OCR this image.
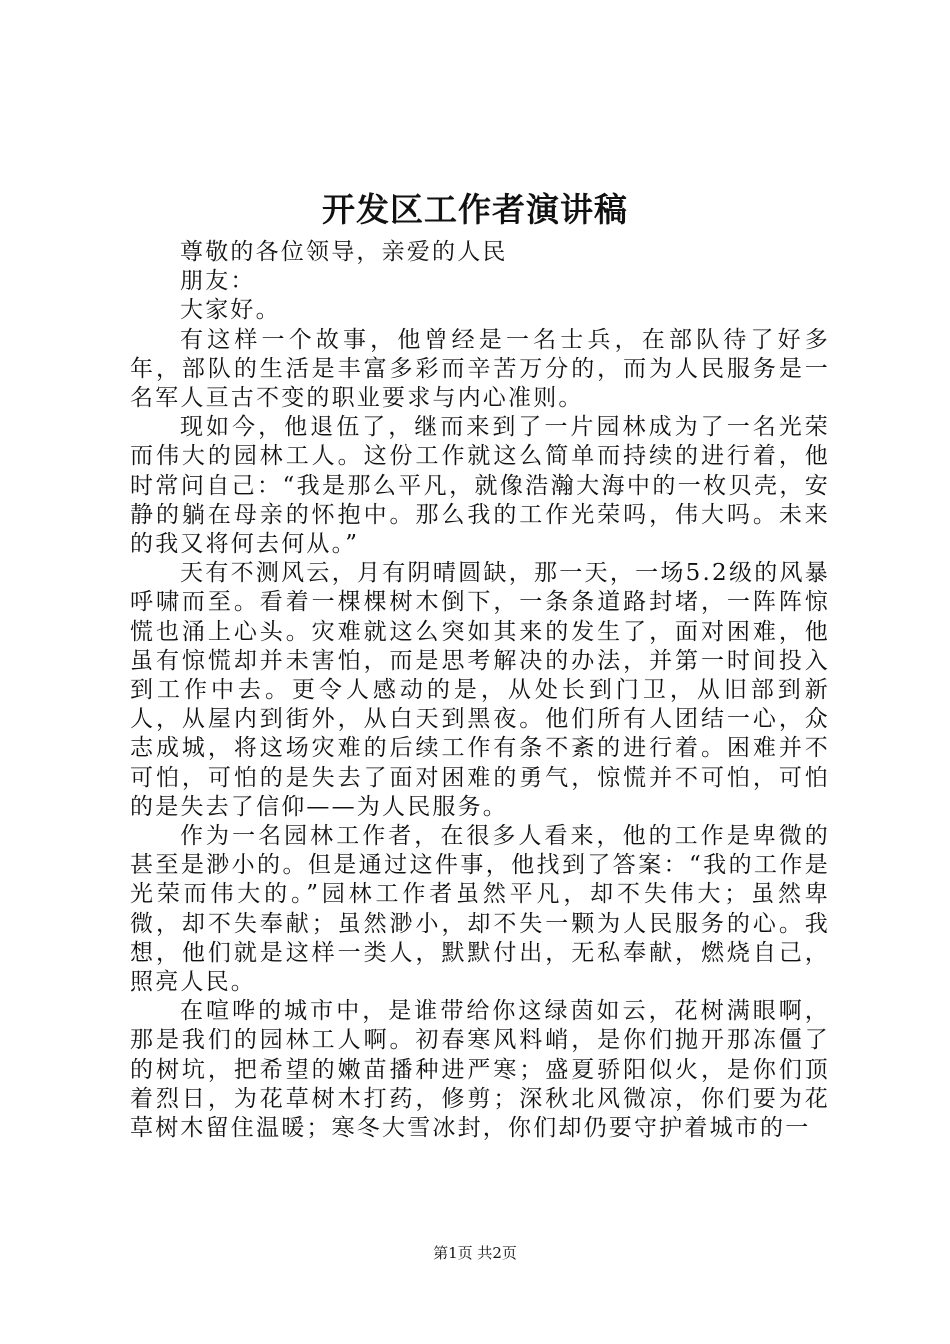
开发区工作者演讲稿

尊敬的各位领导，亲爱的人民

朋友：

大家好。

有这样一个故事，他曾经是一名士兵，在部队待了好多年，部队的生活是丰富多彩而辛苦万分的，而为人民服务是一名军人亘古不变的职业要求与内心准则。

现如今，他退伍了，继而来到了一片园林成为了一名光荣而伟大的园林工人。这份工作就这么简单而持续的进行着，他时常问自己：“我是那么平凡，就像浩瀚大海中的一枚贝壳，安静的躺在母亲的怀抱中。那么我的工作光荣吗，伟大吗。未来的我又将何去何从。”

天有不测风云，月有阴晴圆缺，那一天，一场5.2级的风暴呼啸而至。看着一棵棵树木倒下，一条条道路封堵，一阵阵惊慌也涌上心头。灾难就这么突如其来的发生了，面对困难，他虽有惊慌却并未害怕，而是思考解决的办法，并第一时间投入到工作中去。更令人感动的是，从处长到门卫，从旧部到新人，从屋内到街外，从白天到黑夜。他们所有人团结一心，众志成城，将这场灾难的后续工作有条不紊的进行着。困难并不可怕，可怕的是失去了面对困难的勇气，惊慌并不可怕，可怕的是失去了信仰——为人民服务。

作为一名园林工作者，在很多人看来，他的工作是卑微的甚至是渺小的。但是通过这件事，他找到了答案：“我的工作是光荣而伟大的。”园林工作者虽然平凡，却不失伟大；虽然卑微，却不失奉献；虽然渺小，却不失一颗为人民服务的心。我想，他们就是这样一类人，默默付出，无私奉献，燃烧自己，照亮人民。

在喧哗的城市中，是谁带给你这绿茵如云，花树满眼啊，那是我们的园林工人啊。初春寒风料峭，是你们抛开那冻僵了的树坑，把希望的嫩苗播种进严寒；盛夏骄阳似火，是你们顶着烈日，为花草树木打药，修剪；深秋北风微凉，你们要为花草树木留住温暖；寒冬大雪冰封，你们却仍要守护着城市的一

第1页 共2页
